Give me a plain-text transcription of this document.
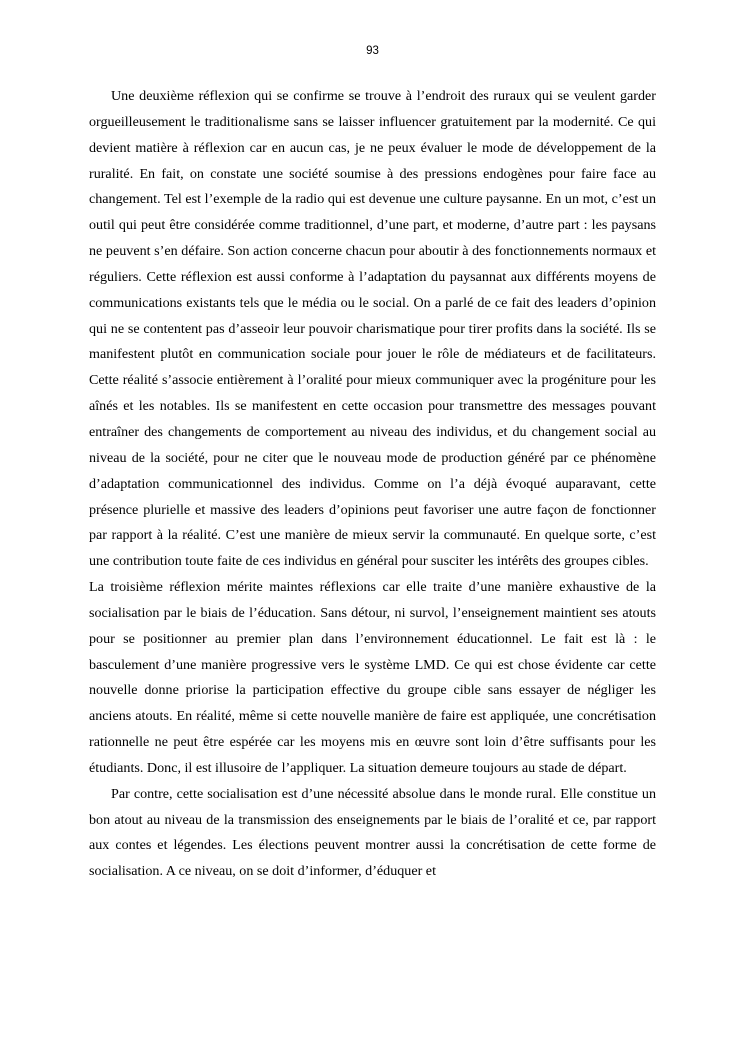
93

Une deuxième réflexion qui se confirme se trouve à l’endroit des ruraux qui se veulent garder orgueilleusement le traditionalisme sans se laisser influencer gratuitement par la modernité. Ce qui devient matière à réflexion car en aucun cas, je ne peux évaluer le mode de développement de la ruralité. En fait, on constate une société soumise à des pressions endogènes pour faire face au changement. Tel est l’exemple de la radio qui est devenue une culture paysanne. En un mot, c’est un outil qui peut être considérée comme traditionnel, d’une part, et moderne, d’autre part : les paysans ne peuvent s’en défaire. Son action concerne chacun pour aboutir à des fonctionnements normaux et réguliers. Cette réflexion est aussi conforme à l’adaptation du paysannat aux différents moyens de communications existants tels que le média ou le social. On a parlé de ce fait des leaders d’opinion qui ne se contentent pas d’asseoir leur pouvoir charismatique pour tirer profits dans la société. Ils se manifestent plutôt en communication sociale pour jouer le rôle de médiateurs et de facilitateurs. Cette réalité s’associe entièrement à l’oralité pour mieux communiquer avec la progéniture pour les aînés et les notables. Ils se manifestent en cette occasion pour transmettre des messages pouvant entraîner des changements de comportement au niveau des individus, et du changement social au niveau de la société, pour ne citer que le nouveau mode de production généré par ce phénomène d’adaptation communicationnel des individus. Comme on l’a déjà évoqué auparavant, cette présence plurielle et massive des leaders d’opinions peut favoriser une autre façon de fonctionner par rapport à la réalité. C’est une manière de mieux servir la communauté. En quelque sorte, c’est une contribution toute faite de ces individus en général pour susciter les intérêts des groupes cibles.

La troisième réflexion mérite maintes réflexions car elle traite d’une manière exhaustive de la socialisation par le biais de l’éducation. Sans détour, ni survol, l’enseignement maintient ses atouts pour se positionner au premier plan dans l’environnement éducationnel. Le fait est là : le basculement d’une manière progressive vers le système LMD. Ce qui est chose évidente car cette nouvelle donne priorise la participation effective du groupe cible sans essayer de négliger les anciens atouts. En réalité, même si cette nouvelle manière de faire est appliquée, une concrétisation rationnelle ne peut être espérée car les moyens mis en œuvre sont loin d’être suffisants pour les étudiants. Donc, il est illusoire de l’appliquer. La situation demeure toujours au stade de départ.

Par contre, cette socialisation est d’une nécessité absolue dans le monde rural. Elle constitue un bon atout au niveau de la transmission des enseignements par le biais de l’oralité et ce, par rapport aux contes et légendes. Les élections peuvent montrer aussi la concrétisation de cette forme de socialisation. A ce niveau, on se doit d’informer, d’éduquer et
